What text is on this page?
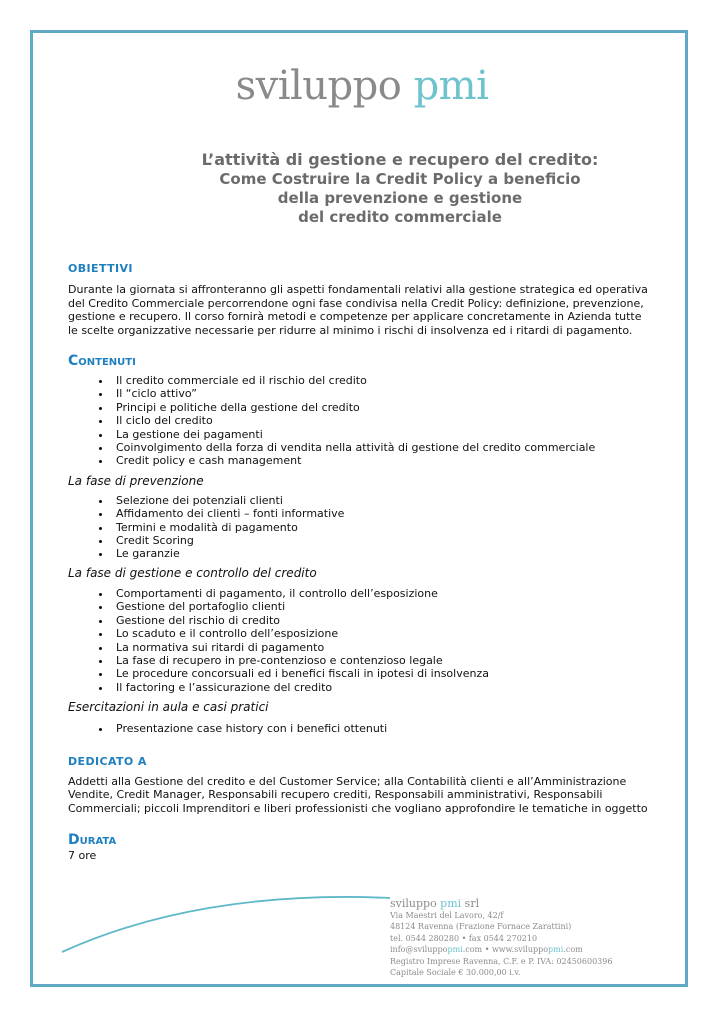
sviluppo pmi
L’attività di gestione e recupero del credito:
Come Costruire la Credit Policy a beneficio
della prevenzione e gestione
del credito commerciale

OBIETTIVI

Durante la giornata si affronteranno gli aspetti fondamentali relativi alla gestione strategica ed operativa

del Credito Commerciale percorrendone ogni fase condivisa nella Credit Policy: definizione, prevenzione,

gestione e recupero. Il corso fornirà metodi e competenze per applicare concretamente in Azienda tutte

le scelte organizzative necessarie per ridurre al minimo i rischi di insolvenza ed i ritardi di pagamento.

Contenuti

• Il credito commerciale ed il rischio del credito
• Il “ciclo attivo”
• Principi e politiche della gestione del credito
• Il ciclo del credito
• La gestione dei pagamenti
• Coinvolgimento della forza di vendita nella attività di gestione del credito commerciale
• Credit policy e cash management

La fase di prevenzione

• Selezione dei potenziali clienti
• Affidamento dei clienti – fonti informative
• Termini e modalità di pagamento
• Credit Scoring
• Le garanzie

La fase di gestione e controllo del credito

• Comportamenti di pagamento, il controllo dell’esposizione
• Gestione del portafoglio clienti
• Gestione del rischio di credito
• Lo scaduto e il controllo dell’esposizione
• La normativa sui ritardi di pagamento
• La fase di recupero in pre-contenzioso e contenzioso legale
• Le procedure concorsuali ed i benefici fiscali in ipotesi di insolvenza
• Il factoring e l’assicurazione del credito

Esercitazioni in aula e casi pratici

• Presentazione case history con i benefici ottenuti

DEDICATO A

Addetti alla Gestione del credito e del Customer Service; alla Contabilità clienti e all’Amministrazione

Vendite, Credit Manager, Responsabili recupero crediti, Responsabili amministrativi, Responsabili

Commerciali; piccoli Imprenditori e liberi professionisti che vogliano approfondire le tematiche in oggetto

Durata

7 ore

sviluppo pmi srl
Via Maestri del Lavoro, 42/f
48124 Ravenna (Frazione Fornace Zarattini)
tel. 0544 280280 • fax 0544 270210
info@sviluppopmi.com • www.sviluppopmi.com
Registro Imprese Ravenna, C.F. e P. IVA: 02450600396
Capitale Sociale € 30.000,00 i.v.
